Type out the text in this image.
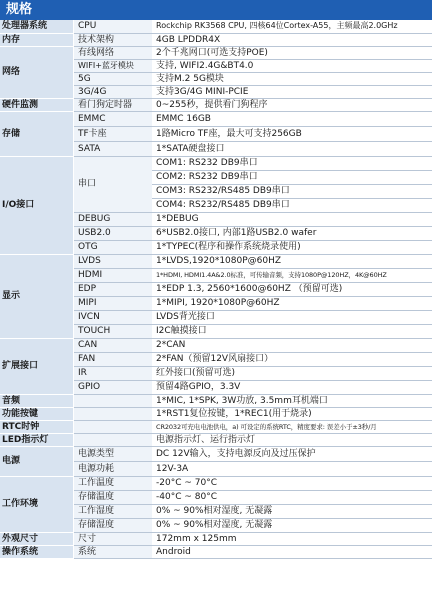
规格
处理器系统	CPU	Rockchip RK3568 CPU, 四核64位Cortex-A55，主频最高2.0GHz
内存	技术架构	4GB LPDDR4X
网络	有线网络	2个千兆网口(可选支持POE)
	WIFI+蓝牙模块	支持, WIFI2.4G&BT4.0
	5G	支持M.2 5G模块
	3G/4G	支持3G/4G MINI-PCIE
硬件监测	看门狗定时器	0~255秒，提供看门狗程序
存储	EMMC	EMMC 16GB
	TF卡座	1路Micro TF座，最大可支持256GB
	SATA	1*SATA硬盘接口
I/O接口	串口	COM1: RS232 DB9串口
		COM2: RS232 DB9串口
		COM3: RS232/RS485 DB9串口
		COM4: RS232/RS485 DB9串口
	DEBUG	1*DEBUG
	USB2.0	6*USB2.0接口, 内部1路USB2.0 wafer
	OTG	1*TYPEC(程序和操作系统烧录使用)
显示	LVDS	1*LVDS,1920*1080P@60HZ
	HDMI	1*HDMI, HDMI1.4A&2.0标准，可传输音频，支持1080P@120HZ，4K@60HZ
	EDP	1*EDP 1.3, 2560*1600@60HZ （预留可选)
	MIPI	1*MIPI, 1920*1080P@60HZ
	IVCN	LVDS背光接口
	TOUCH	I2C触摸接口
扩展接口	CAN	2*CAN
	FAN	2*FAN（预留12V风扇接口）
	IR	红外接口(预留可选)
	GPIO	预留4路GPIO，3.3V
音频		1*MIC, 1*SPK, 3W功放, 3.5mm耳机端口
功能按键		1*RST1复位按键，1*REC1(用于烧录)
RTC时钟		CR2032可充电电池供电，a) 可设定的系统RTC，精度要求: 误差小于±3秒/月
LED指示灯		电源指示灯、运行指示灯
电源	电源类型	DC 12V输入，支持电源反向及过压保护
	电源功耗	12V-3A
工作环境	工作温度	-20°C ~ 70°C
	存储温度	-40°C ~ 80°C
	工作湿度	0% ~ 90%相对湿度, 无凝露
	存储湿度	0% ~ 90%相对湿度, 无凝露
外观尺寸	尺寸	172mm x 125mm
操作系统	系统	Android
